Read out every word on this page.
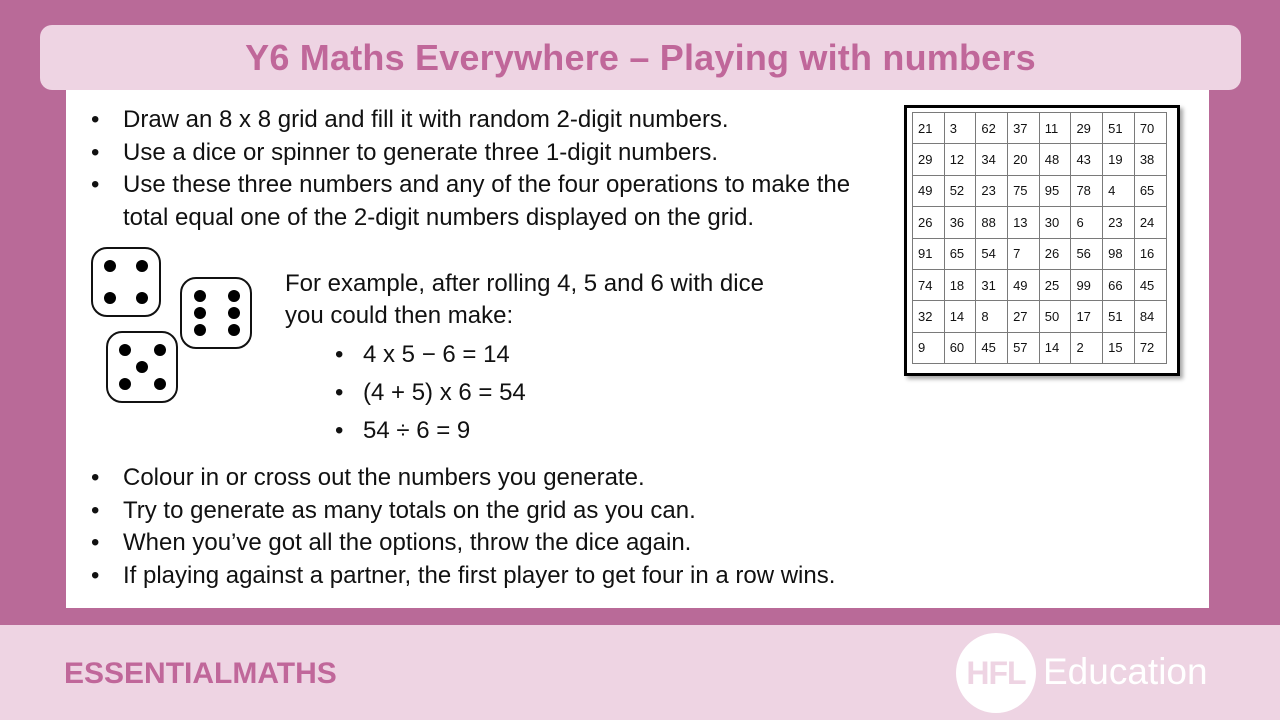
Y6 Maths Everywhere – Playing with numbers
• Draw an 8 x 8 grid and fill it with random 2-digit numbers.
• Use a dice or spinner to generate three 1-digit numbers.
• Use these three numbers and any of the four operations to make the total equal one of the 2-digit numbers displayed on the grid.
For example, after rolling 4, 5 and 6 with dice you could then make:
• 4 x 5 − 6 = 14
• (4 + 5) x 6 = 54
• 54 ÷ 6 = 9
• Colour in or cross out the numbers you generate.
• Try to generate as many totals on the grid as you can.
• When you’ve got all the options, throw the dice again.
• If playing against a partner, the first player to get four in a row wins.
21	3	62	37	11	29	51	70
29	12	34	20	48	43	19	38
49	52	23	75	95	78	4	65
26	36	88	13	30	6	23	24
91	65	54	7	26	56	98	16
74	18	31	49	25	99	66	45
32	14	8	27	50	17	51	84
9	60	45	57	14	2	15	72
ESSENTIALMATHS	HFL Education
